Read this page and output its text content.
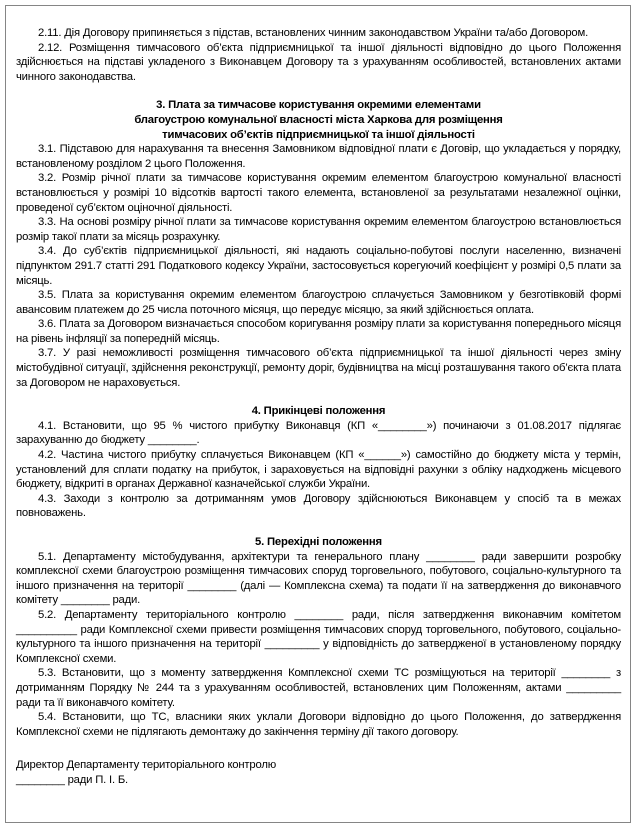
2.11. Дія Договору припиняється з підстав, встановлених чинним законодавством України та/або Договором.

2.12. Розміщення тимчасового об’єкта підприємницької та іншої діяльності відповідно до цього Положення здійснюється на підставі укладеного з Виконавцем Договору та з урахуванням особливостей, встановлених актами чинного законодавства.

3. Плата за тимчасове користування окремими елементами
благоустрою комунальної власності міста Харкова для розміщення
тимчасових об’єктів підприємницької та іншої діяльності

3.1. Підставою для нарахування та внесення Замовником відповідної плати є Договір, що укладається у порядку, встановленому розділом 2 цього Положення.

3.2. Розмір річної плати за тимчасове користування окремим елементом благоустрою комунальної власності встановлюється у розмірі 10 відсотків вартості такого елемента, встановленої за результатами незалежної оцінки, проведеної суб’єктом оціночної діяльності.

3.3. На основі розміру річної плати за тимчасове користування окремим елементом благоустрою встановлюється розмір такої плати за місяць розрахунку.

3.4. До суб’єктів підприємницької діяльності, які надають соціально-побутові послуги населенню, визначені підпунктом 291.7 статті 291 Податкового кодексу України, застосовується корегуючий коефіцієнт у розмірі 0,5 плати за місяць.

3.5. Плата за користування окремим елементом благоустрою сплачується Замовником у безготівковій формі авансовим платежем до 25 числа поточного місяця, що передує місяцю, за який здійснюється оплата.

3.6. Плата за Договором визначається способом коригування розміру плати за користування попереднього місяця на рівень інфляції за попередній місяць.

3.7. У разі неможливості розміщення тимчасового об’єкта підприємницької та іншої діяльності через зміну містобудівної ситуації, здійснення реконструкції, ремонту доріг, будівництва на місці розташування такого об’єкта плата за Договором не нараховується.

4. Прикінцеві положення

4.1. Встановити, що 95 % чистого прибутку Виконавця (КП «________») починаючи з 01.08.2017 підлягає зарахуванню до бюджету ________.

4.2. Частина чистого прибутку сплачується Виконавцем (КП «______») самостійно до бюджету міста у термін, установлений для сплати податку на прибуток, і зараховується на відповідні рахунки з обліку надходжень місцевого бюджету, відкриті в органах Державної казначейської служби України.

4.3. Заходи з контролю за дотриманням умов Договору здійснюються Виконавцем у спосіб та в межах повноважень.

5. Перехідні положення

5.1. Департаменту містобудування, архітектури та генерального плану ________ ради завершити розробку комплексної схеми благоустрою розміщення тимчасових споруд торговельного, побутового, соціально-культурного та іншого призначення на території ________ (далі — Комплексна схема) та подати її на затвердження до виконавчого комітету ________ ради.

5.2. Департаменту територіального контролю ________ ради, після затвердження виконавчим комітетом __________ ради Комплексної схеми привести розміщення тимчасових споруд торговельного, побутового, соціально-культурного та іншого призначення на території _________ у відповідність до затвердженої в установленому порядку Комплексної схеми.

5.3. Встановити, що з моменту затвердження Комплексної схеми ТС розміщуються на території ________ з дотриманням Порядку № 244 та з урахуванням особливостей, встановлених цим Положенням, актами _________ ради та її виконавчого комітету.

5.4. Встановити, що ТС, власники яких уклали Договори відповідно до цього Положення, до затвердження Комплексної схеми не підлягають демонтажу до закінчення терміну дії такого договору.

Директор Департаменту територіального контролю
________ ради П. І. Б.
